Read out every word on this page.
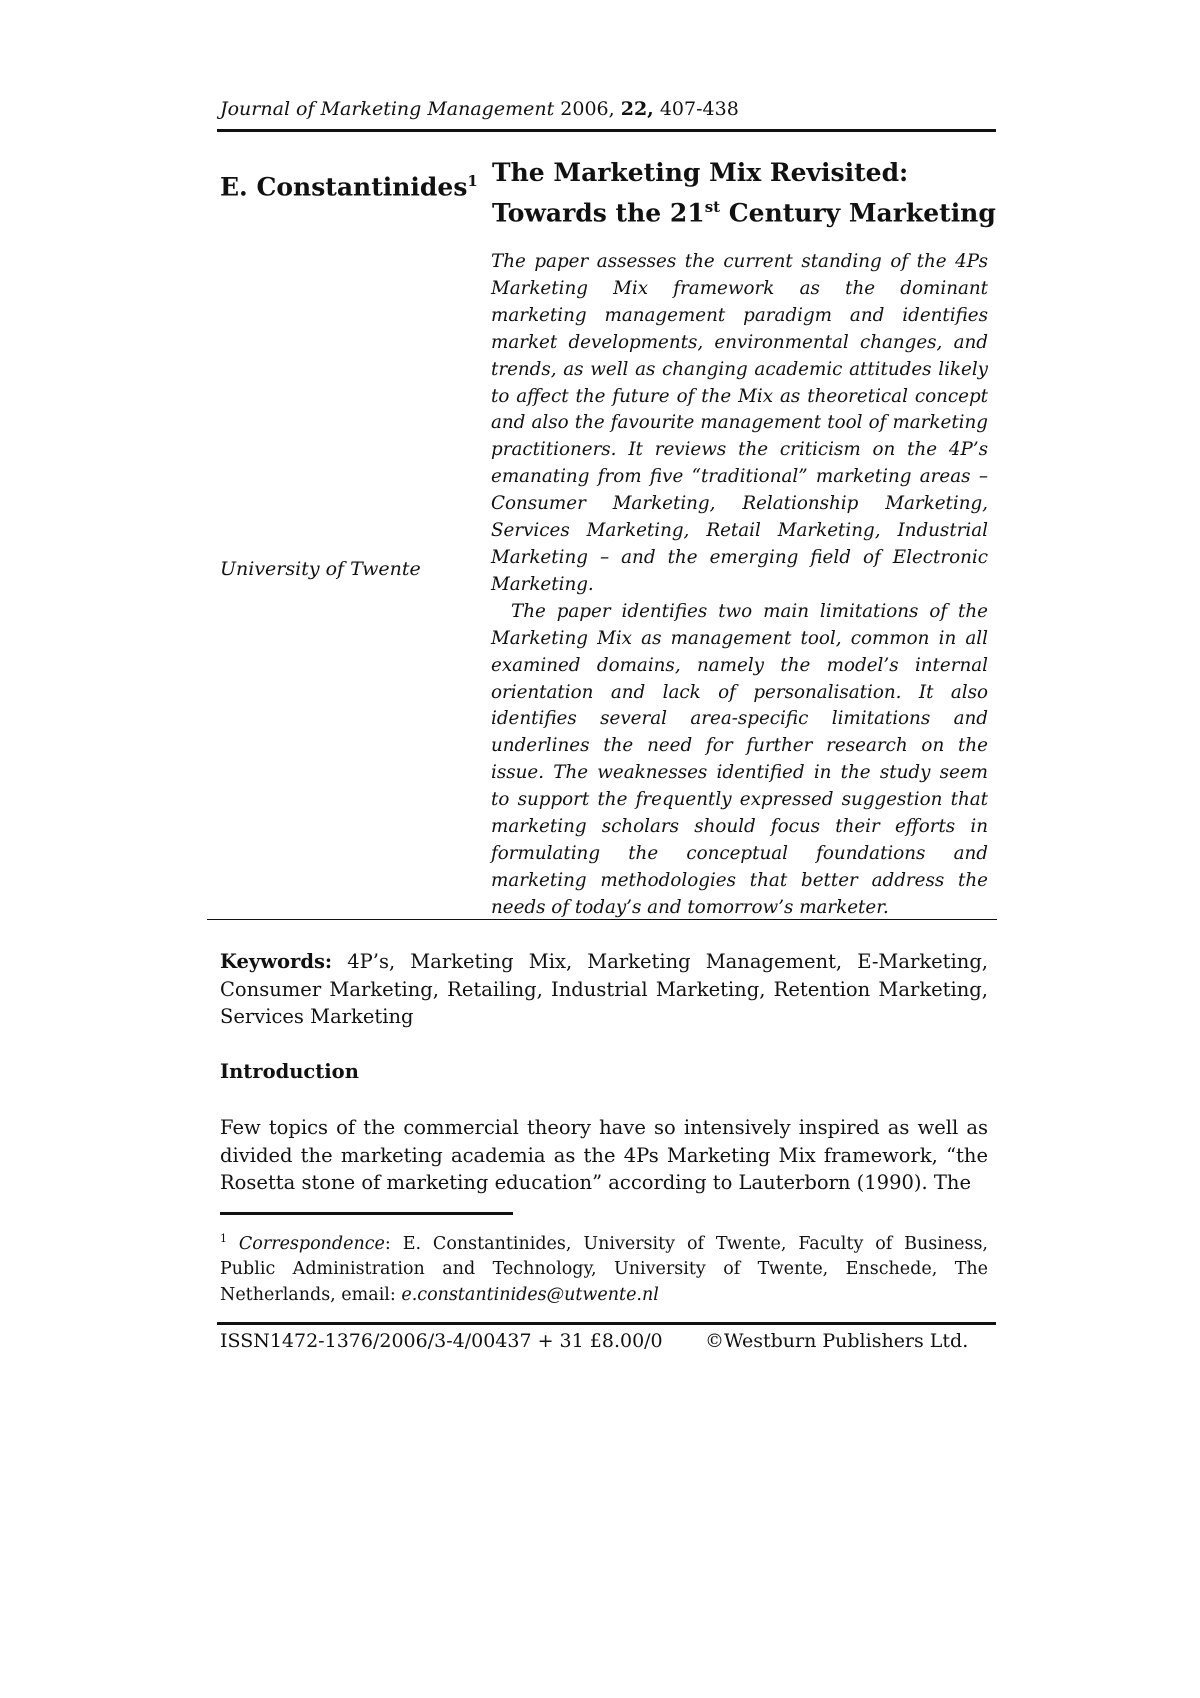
Journal of Marketing Management 2006, 22, 407-438
E. Constantinides$^1$ The Marketing Mix Revisited:
Towards the 21st Century Marketing
University of Twente

The paper assesses the current standing of the 4Ps Marketing Mix framework as the dominant marketing management paradigm and identifies market developments, environmental changes, and trends, as well as changing academic attitudes likely to affect the future of the Mix as theoretical concept and also the favourite management tool of marketing practitioners. It reviews the criticism on the 4P’s emanating from five “traditional” marketing areas – Consumer Marketing, Relationship Marketing, Services Marketing, Retail Marketing, Industrial Marketing – and the emerging field of Electronic Marketing.

The paper identifies two main limitations of the Marketing Mix as management tool, common in all examined domains, namely the model’s internal orientation and lack of personalisation. It also identifies several area-specific limitations and underlines the need for further research on the issue. The weaknesses identified in the study seem to support the frequently expressed suggestion that marketing scholars should focus their efforts in formulating the conceptual foundations and marketing methodologies that better address the needs of today’s and tomorrow’s marketer.

Keywords: 4P’s, Marketing Mix, Marketing Management, E-Marketing, Consumer Marketing, Retailing, Industrial Marketing, Retention Marketing, Services Marketing
Introduction
Few topics of the commercial theory have so intensively inspired as well as divided the marketing academia as the 4Ps Marketing Mix framework, “the Rosetta stone of marketing education” according to Lauterborn (1990). The
$^1$ Correspondence: E. Constantinides, University of Twente, Faculty of Business, Public Administration and Technology, University of Twente, Enschede, The Netherlands, email: e.constantinides@utwente.nl
ISSN1472-1376/2006/3-4/00437 + 31 £8.00/0 ©Westburn Publishers Ltd.
